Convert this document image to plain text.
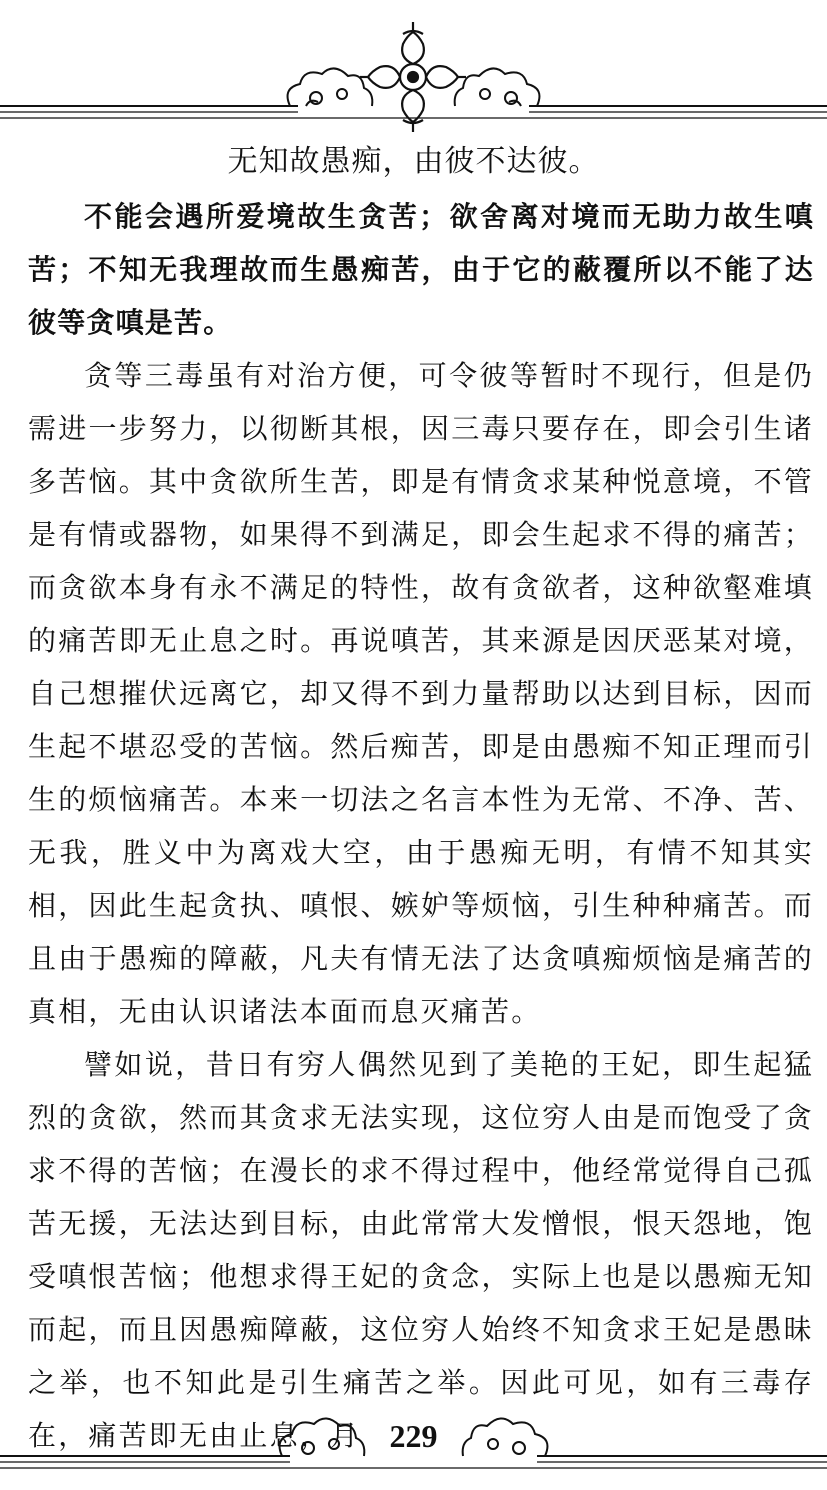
无知故愚痴，由彼不达彼。

不能会遇所爱境故生贪苦；欲舍离对境而无助力故生嗔苦；不知无我理故而生愚痴苦，由于它的蔽覆所以不能了达彼等贪嗔是苦。

贪等三毒虽有对治方便，可令彼等暂时不现行，但是仍需进一步努力，以彻断其根，因三毒只要存在，即会引生诸多苦恼。其中贪欲所生苦，即是有情贪求某种悦意境，不管是有情或器物，如果得不到满足，即会生起求不得的痛苦；而贪欲本身有永不满足的特性，故有贪欲者，这种欲壑难填的痛苦即无止息之时。再说嗔苦，其来源是因厌恶某对境，自己想摧伏远离它，却又得不到力量帮助以达到目标，因而生起不堪忍受的苦恼。然后痴苦，即是由愚痴不知正理而引生的烦恼痛苦。本来一切法之名言本性为无常、不净、苦、无我，胜义中为离戏大空，由于愚痴无明，有情不知其实相，因此生起贪执、嗔恨、嫉妒等烦恼，引生种种痛苦。而且由于愚痴的障蔽，凡夫有情无法了达贪嗔痴烦恼是痛苦的真相，无由认识诸法本面而息灭痛苦。

譬如说，昔日有穷人偶然见到了美艳的王妃，即生起猛烈的贪欲，然而其贪求无法实现，这位穷人由是而饱受了贪求不得的苦恼；在漫长的求不得过程中，他经常觉得自己孤苦无援，无法达到目标，由此常常大发憎恨，恨天怨地，饱受嗔恨苦恼；他想求得王妃的贪念，实际上也是以愚痴无知而起，而且因愚痴障蔽，这位穷人始终不知贪求王妃是愚昧之举，也不知此是引生痛苦之举。因此可见，如有三毒存在，痛苦即无由止息，月 229
